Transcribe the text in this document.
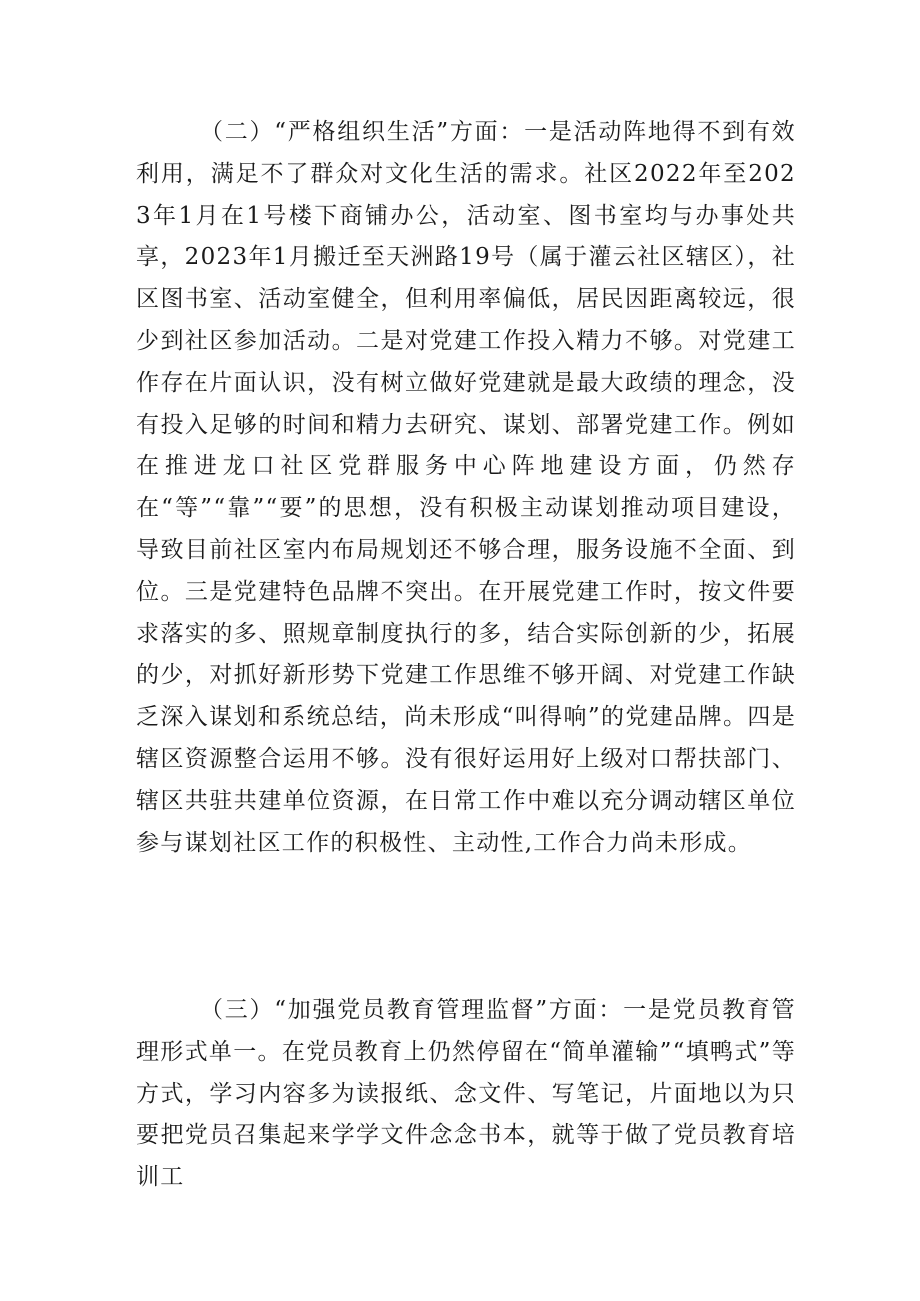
（二）“严格组织生活”方面：一是活动阵地得不到有效利用，满足不了群众对文化生活的需求。社区2022年至2023年1月在1号楼下商铺办公，活动室、图书室均与办事处共享，2023年1月搬迁至天洲路19号（属于灌云社区辖区），社区图书室、活动室健全，但利用率偏低，居民因距离较远，很少到社区参加活动。二是对党建工作投入精力不够。对党建工作存在片面认识，没有树立做好党建就是最大政绩的理念，没有投入足够的时间和精力去研究、谋划、部署党建工作。例如在推进龙口社区党群服务中心阵地建设方面，仍然存在“等”“靠”“要”的思想，没有积极主动谋划推动项目建设，导致目前社区室内布局规划还不够合理，服务设施不全面、到位。三是党建特色品牌不突出。在开展党建工作时，按文件要求落实的多、照规章制度执行的多，结合实际创新的少，拓展的少，对抓好新形势下党建工作思维不够开阔、对党建工作缺乏深入谋划和系统总结，尚未形成“叫得响”的党建品牌。四是辖区资源整合运用不够。没有很好运用好上级对口帮扶部门、辖区共驻共建单位资源，在日常工作中难以充分调动辖区单位参与谋划社区工作的积极性、主动性,工作合力尚未形成。

（三）“加强党员教育管理监督”方面：一是党员教育管理形式单一。在党员教育上仍然停留在“简单灌输”“填鸭式”等方式，学习内容多为读报纸、念文件、写笔记，片面地以为只要把党员召集起来学学文件念念书本，就等于做了党员教育培训工
